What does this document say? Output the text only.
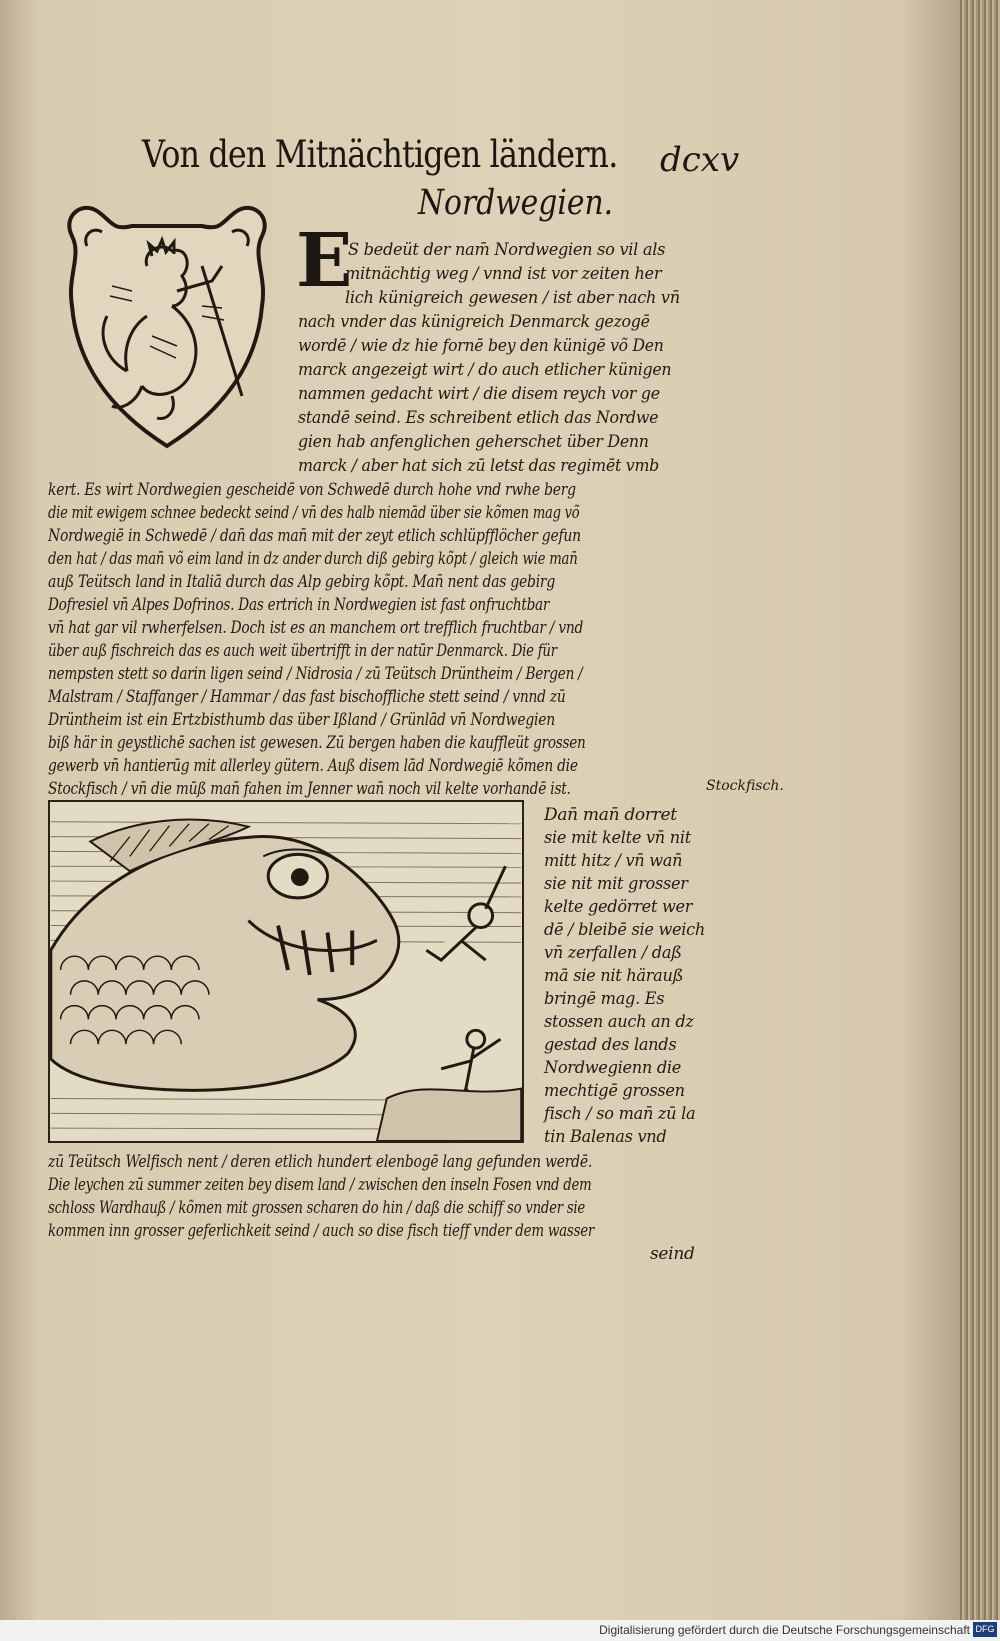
Von den Mitnächtigen ländern. dcxv
Nordwegien.
E
S bedeüt der nam̄ Nordwegien so vil als
mitnächtig weg / vnnd ist vor zeiten her
lich künigreich gewesen / ist aber nach vn̄
nach vnder das künigreich Denmarck gezogē
wordē / wie dz hie fornē bey den künigē võ Den
marck angezeigt wirt / do auch etlicher künigen
nammen gedacht wirt / die disem reych vor ge
standē seind. Es schreibent etlich das Nordwe
gien hab anfenglichen geherschet über Denn
marck / aber hat sich zū letst das regimēt vmb
kert. Es wirt Nordwegien gescheidē von Schwedē durch hohe vnd rwhe berg
die mit ewigem schnee bedeckt seind / vn̄ des halb niemād über sie kõmen mag võ
Nordwegiē in Schwedē / dan̄ das man̄ mit der zeyt etlich schlüpfflöcher gefun
den hat / das man̄ võ eim land in dz ander durch diß gebirg kõpt / gleich wie man̄
auß Teütsch land in Italiā durch das Alp gebirg kõpt. Man̄ nent das gebirg
Dofresiel vn̄ Alpes Dofrinos. Das ertrich in Nordwegien ist fast onfruchtbar
vn̄ hat gar vil rwherfelsen. Doch ist es an manchem ort trefflich fruchtbar / vnd
über auß fischreich das es auch weit übertrifft in der natūr Denmarck. Die für
nempsten stett so darin ligen seind / Nidrosia / zū Teütsch Drüntheim / Bergen /
Malstram / Staffanger / Hammar / das fast bischoffliche stett seind / vnnd zū
Drüntheim ist ein Ertzbisthumb das über Ißland / Grünlād vn̄ Nordwegien
biß här in geystlichē sachen ist gewesen. Zū bergen haben die kauffleüt grossen
gewerb vn̄ hantierūg mit allerley gütern. Auß disem lād Nordwegiē kõmen die
Stockfisch / vn̄ die mūß man̄ fahen im Jenner wan̄ noch vil kelte vorhandē ist.	Stockfisch.
Dan̄ man̄ dorret
sie mit kelte vn̄ nit
mitt hitz / vn̄ wan̄
sie nit mit grosser
kelte gedörret wer
dē / bleibē sie weich
vn̄ zerfallen / daß
mā sie nit härauß
bringē mag. Es
stossen auch an dz
gestad des lands
Nordwegienn die
mechtigē grossen
fisch / so man̄ zū la
tin Balenas vnd
zū Teütsch Welfisch nent / deren etlich hundert elenbogē lang gefunden werdē.
Die leychen zū summer zeiten bey disem land / zwischen den inseln Fosen vnd dem
schloss Wardhauß / kõmen mit grossen scharen do hin / daß die schiff so vnder sie
kommen inn grosser geferlichkeit seind / auch so dise fisch tieff vnder dem wasser
seind
Digitalisierung gefördert durch die Deutsche Forschungsgemeinschaft DFG
